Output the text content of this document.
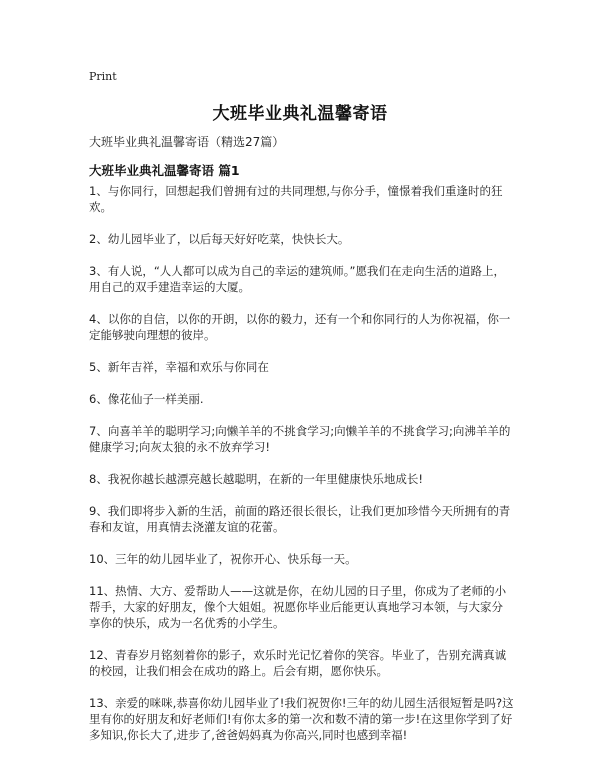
Print
大班毕业典礼温馨寄语
大班毕业典礼温馨寄语（精选27篇）
大班毕业典礼温馨寄语 篇1

1、与你同行，回想起我们曾拥有过的共同理想,与你分手，憧憬着我们重逢时的狂欢。

2、幼儿园毕业了，以后每天好好吃菜，快快长大。

3、有人说，“人人都可以成为自己的幸运的建筑师。”愿我们在走向生活的道路上，用自己的双手建造幸运的大厦。

4、以你的自信，以你的开朗，以你的毅力，还有一个和你同行的人为你祝福，你一定能够驶向理想的彼岸。

5、新年吉祥，幸福和欢乐与你同在

6、像花仙子一样美丽.

7、向喜羊羊的聪明学习;向懒羊羊的不挑食学习;向懒羊羊的不挑食学习;向沸羊羊的健康学习;向灰太狼的永不放弃学习!

8、我祝你越长越漂亮越长越聪明，在新的一年里健康快乐地成长!

9、我们即将步入新的生活，前面的路还很长很长，让我们更加珍惜今天所拥有的青春和友谊，用真情去浇灌友谊的花蕾。

10、三年的幼儿园毕业了，祝你开心、快乐每一天。

11、热情、大方、爱帮助人——这就是你，在幼儿园的日子里，你成为了老师的小帮手，大家的好朋友，像个大姐姐。祝愿你毕业后能更认真地学习本领，与大家分享你的快乐，成为一名优秀的小学生。

12、青春岁月铭刻着你的影子，欢乐时光记忆着你的笑容。毕业了，告别充满真诚的校园，让我们相会在成功的路上。后会有期，愿你快乐。

13、亲爱的咪咪,恭喜你幼儿园毕业了!我们祝贺你!三年的幼儿园生活很短暂是吗?这里有你的好朋友和好老师们!有你太多的第一次和数不清的第一步!在这里你学到了好多知识,你长大了,进步了,爸爸妈妈真为你高兴,同时也感到幸福!
